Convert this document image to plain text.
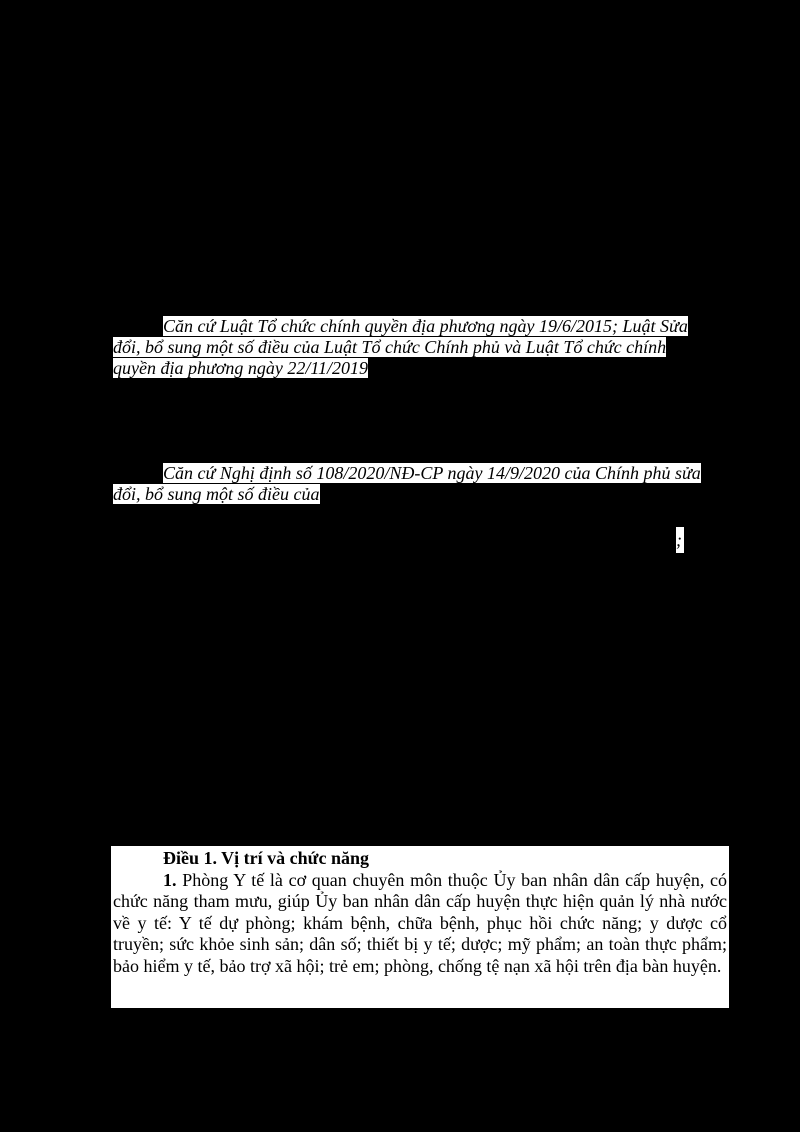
Căn cứ Luật Tổ chức chính quyền địa phương ngày 19/6/2015; Luật Sửa
đổi, bổ sung một số điều của Luật Tổ chức Chính phủ và Luật Tổ chức chính
quyền địa phương ngày 22/11/2019
Căn cứ Nghị định số 108/2020/NĐ-CP ngày 14/9/2020 của Chính phủ sửa
đổi, bổ sung một số điều của
;
Điều 1. Vị trí và chức năng
1. Phòng Y tế là cơ quan chuyên môn thuộc Ủy ban nhân dân cấp huyện, có chức năng tham mưu, giúp Ủy ban nhân dân cấp huyện thực hiện quản lý nhà nước về y tế: Y tế dự phòng; khám bệnh, chữa bệnh, phục hồi chức năng; y dược cổ truyền; sức khỏe sinh sản; dân số; thiết bị y tế; dược; mỹ phẩm; an toàn thực phẩm; bảo hiểm y tế, bảo trợ xã hội; trẻ em; phòng, chống tệ nạn xã hội trên địa bàn huyện.
